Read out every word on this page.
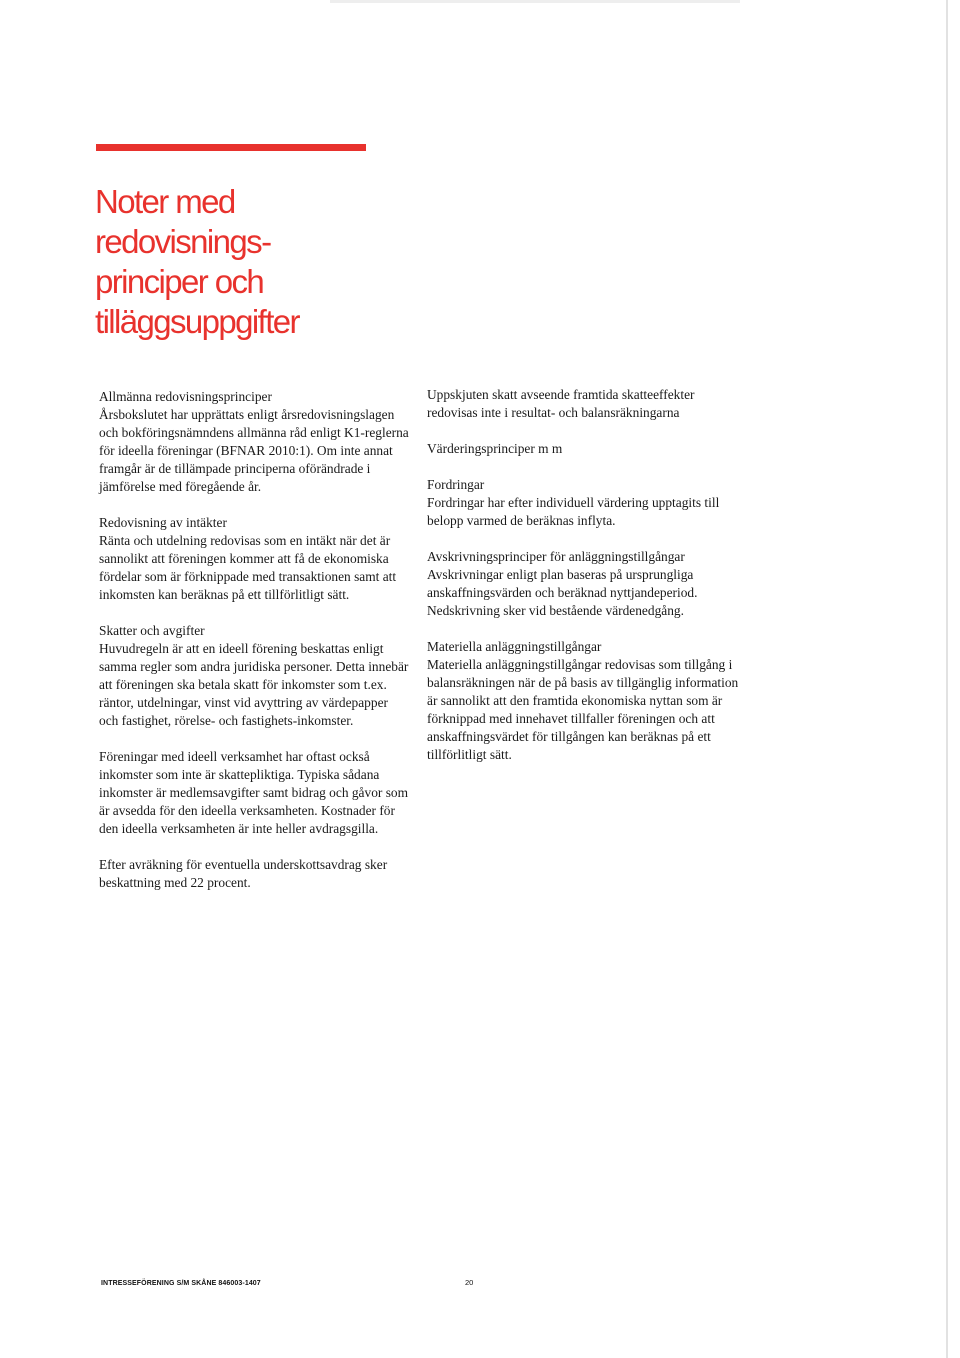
Noter med
redovisnings-
principer och
tilläggsuppgifter
Allmänna redovisningsprinciper

Årsbokslutet har upprättats enligt årsredovisningslagen
och bokföringsnämndens allmänna råd enligt K1-reglerna
för ideella föreningar (BFNAR 2010:1). Om inte annat
framgår är de tillämpade principerna oförändrade i
jämförelse med föregående år.

Redovisning av intäkter

Ränta och utdelning redovisas som en intäkt när det är
sannolikt att föreningen kommer att få de ekonomiska
fördelar som är förknippade med transaktionen samt att
inkomsten kan beräknas på ett tillförlitligt sätt.

Skatter och avgifter

Huvudregeln är att en ideell förening beskattas enligt
samma regler som andra juridiska personer. Detta innebär
att föreningen ska betala skatt för inkomster som t.ex.
räntor, utdelningar, vinst vid avyttring av värdepapper
och fastighet, rörelse- och fastighets-inkomster.

Föreningar med ideell verksamhet har oftast också
inkomster som inte är skattepliktiga. Typiska sådana
inkomster är medlemsavgifter samt bidrag och gåvor som
är avsedda för den ideella verksamheten. Kostnader för
den ideella verksamheten är inte heller avdragsgilla.

Efter avräkning för eventuella underskottsavdrag sker
beskattning med 22 procent.

Uppskjuten skatt avseende framtida skatteeffekter
redovisas inte i resultat- och balansräkningarna

Värderingsprinciper m m
Fordringar

Fordringar har efter individuell värdering upptagits till
belopp varmed de beräknas inflyta.

Avskrivningsprinciper för anläggningstillgångar

Avskrivningar enligt plan baseras på ursprungliga
anskaffningsvärden och beräknad nyttjandeperiod.
Nedskrivning sker vid bestående värdenedgång.

Materiella anläggningstillgångar

Materiella anläggningstillgångar redovisas som tillgång i
balansräkningen när de på basis av tillgänglig information
är sannolikt att den framtida ekonomiska nyttan som är
förknippad med innehavet tillfaller föreningen och att
anskaffningsvärdet för tillgången kan beräknas på ett
tillförlitligt sätt.

INTRESSEFÖRENING S/M SKÅNE 846003-1407	20
